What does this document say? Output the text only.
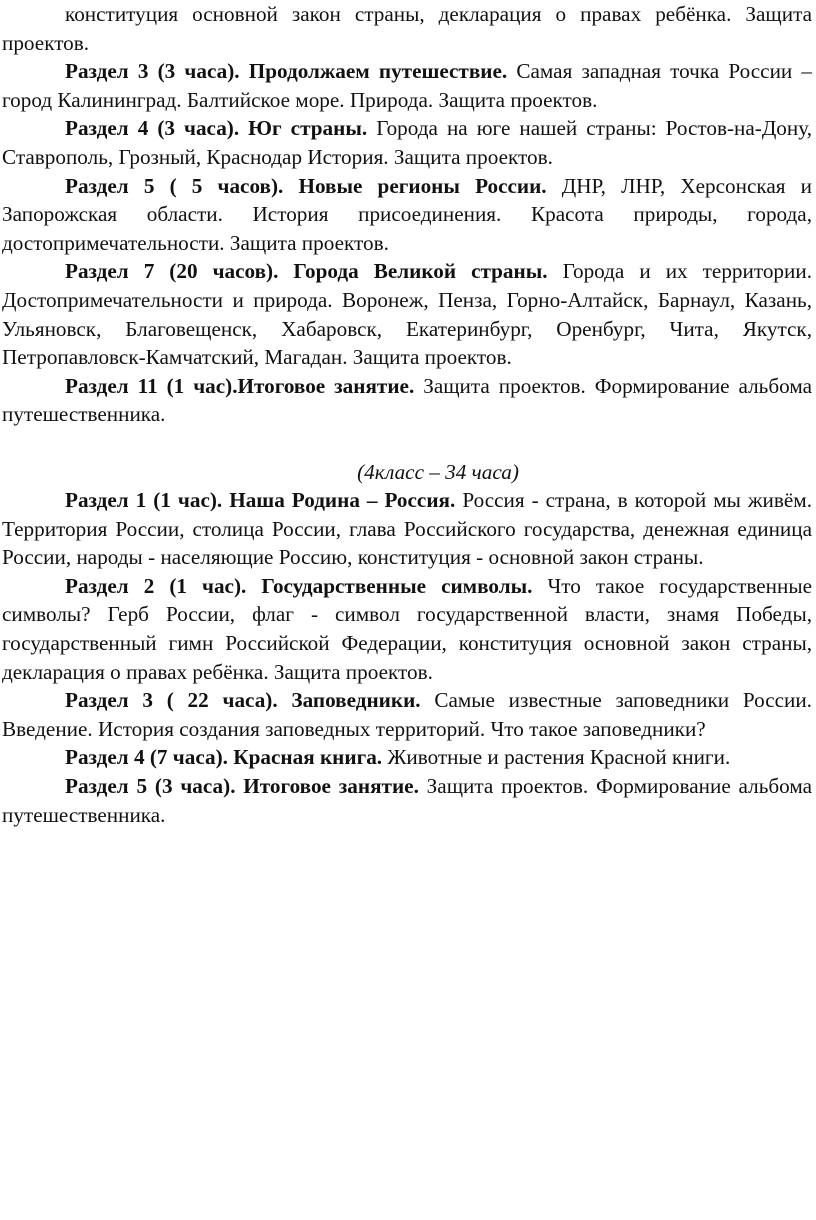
конституция основной закон страны, декларация о правах ребёнка. Защита проектов.

Раздел 3 (3 часа). Продолжаем путешествие. Самая западная точка России – город Калининград. Балтийское море. Природа. Защита проектов.

Раздел 4 (3 часа). Юг страны. Города на юге нашей страны: Ростов-на-Дону, Ставрополь, Грозный, Краснодар История. Защита проектов.

Раздел 5 ( 5 часов). Новые регионы России. ДНР, ЛНР, Херсонская и Запорожская области. История присоединения. Красота природы, города, достопримечательности. Защита проектов.

Раздел 7 (20 часов). Города Великой страны. Города и их территории. Достопримечательности и природа. Воронеж, Пенза, Горно-Алтайск, Барнаул, Казань, Ульяновск, Благовещенск, Хабаровск, Екатеринбург, Оренбург, Чита, Якутск, Петропавловск-Камчатский, Магадан. Защита проектов.

Раздел 11 (1 час).Итоговое занятие. Защита проектов. Формирование альбома путешественника.

(4класс – 34 часа)

Раздел 1 (1 час). Наша Родина – Россия. Россия - страна, в которой мы живём. Территория России, столица России, глава Российского государства, денежная единица России, народы - населяющие Россию, конституция - основной закон страны.

Раздел 2 (1 час). Государственные символы. Что такое государственные символы? Герб России, флаг - символ государственной власти, знамя Победы, государственный гимн Российской Федерации, конституция основной закон страны, декларация о правах ребёнка. Защита проектов.

Раздел 3 ( 22 часа). Заповедники. Самые известные заповедники России. Введение. История создания заповедных территорий. Что такое заповедники?

Раздел 4 (7 часа). Красная книга. Животные и растения Красной книги.

Раздел 5 (3 часа). Итоговое занятие. Защита проектов. Формирование альбома путешественника.
